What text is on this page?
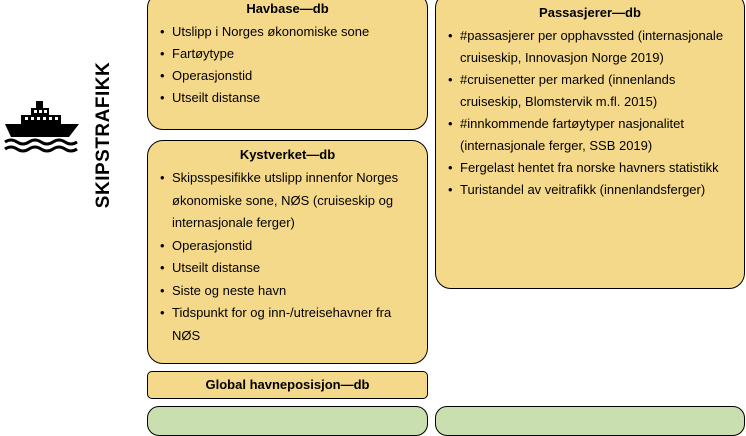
SKIPSTRAFIKK
Havbase—db
• Utslipp i Norges økonomiske sone
• Fartøytype
• Operasjonstid
• Utseilt distanse
Passasjerer—db
• #passasjerer per opphavssted (internasjonale cruiseskip, Innovasjon Norge 2019)
• #cruisenetter per marked (innenlands cruiseskip, Blomstervik m.fl. 2015)
• #innkommende fartøytyper nasjonalitet (internasjonale ferger, SSB 2019)
• Fergelast hentet fra norske havners statistikk
• Turistandel av veitrafikk (innenlandsferger)
Kystverket—db
• Skipsspesifikke utslipp innenfor Norges økonomiske sone, NØS (cruiseskip og internasjonale ferger)
• Operasjonstid
• Utseilt distanse
• Siste og neste havn
• Tidspunkt for og inn-/utreisehavner fra NØS
Global havneposisjon—db
